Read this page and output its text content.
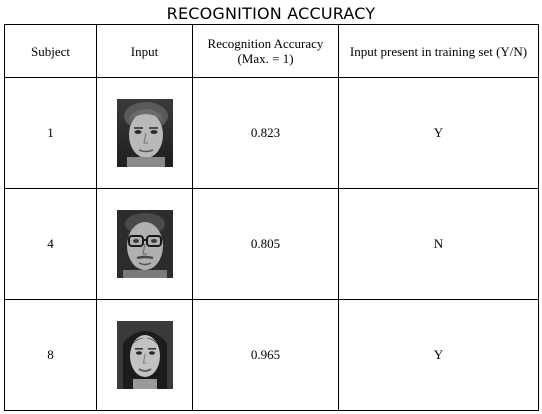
RECOGNITION ACCURACY
Subject	Input	Recognition Accuracy (Max. = 1)	Input present in training set (Y/N)
1		0.823	Y
4		0.805	N
8		0.965	Y
